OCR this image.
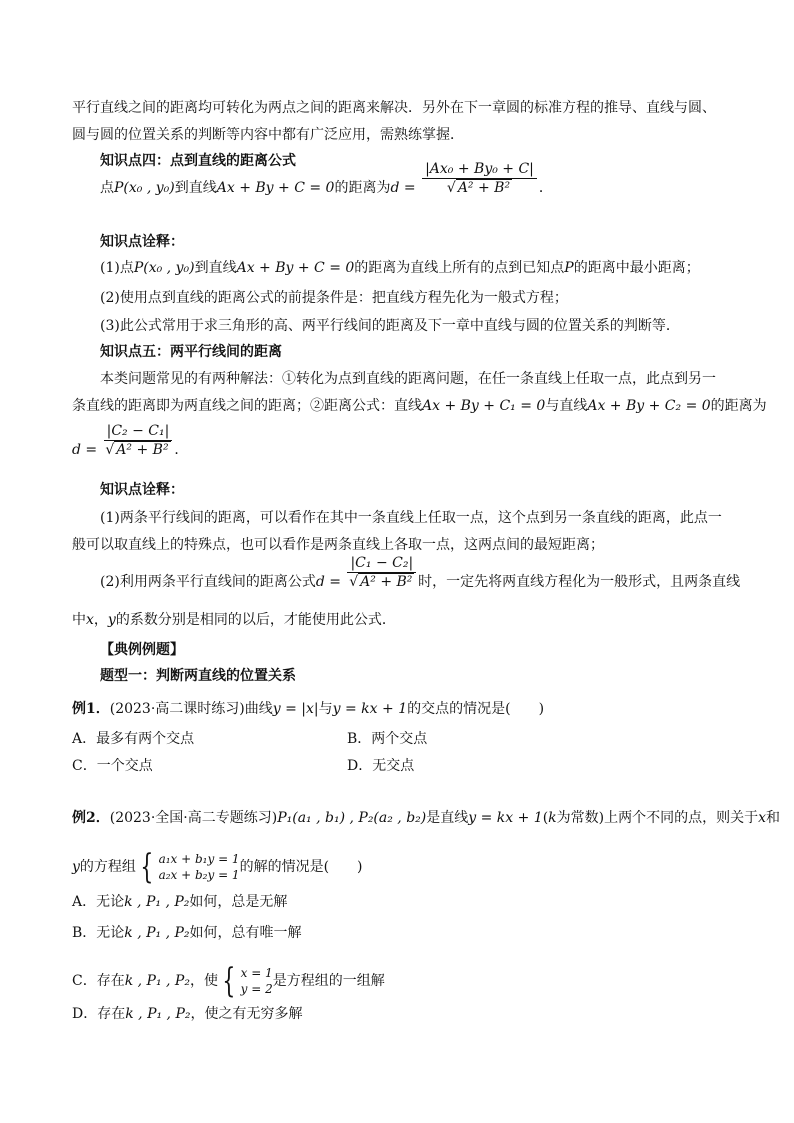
平行直线之间的距离均可转化为两点之间的距离来解决．另外在下一章圆的标准方程的推导、直线与圆、
圆与圆的位置关系的判断等内容中都有广泛应用，需熟练掌握．
知识点四：点到直线的距离公式
点P(x₀ , y₀)到直线Ax + By + C = 0的距离为$d = \frac{\text{|Ax₀ + By₀ + C|}}{\text{√ A² + B²}}$ ．
知识点诠释：
(1)点P(x₀ , y₀)到直线Ax + By + C = 0的距离为直线上所有的点到已知点P的距离中最小距离；
(2)使用点到直线的距离公式的前提条件是：把直线方程先化为一般式方程；
(3)此公式常用于求三角形的高、两平行线间的距离及下一章中直线与圆的位置关系的判断等．
知识点五：两平行线间的距离
本类问题常见的有两种解法：①转化为点到直线的距离问题，在任一条直线上任取一点，此点到另一
条直线的距离即为两直线之间的距离；②距离公式：直线Ax + By + C₁ = 0与直线Ax + By + C₂ = 0的距离为
$d = \frac{\text{|C₂ − C₁|}}{\text{√ A² + B²}}$ ．
知识点诠释：
(1)两条平行线间的距离，可以看作在其中一条直线上任取一点，这个点到另一条直线的距离，此点一
般可以取直线上的特殊点，也可以看作是两条直线上各取一点，这两点间的最短距离；
(2)利用两条平行直线间的距离公式$d = \frac{\text{|C₁ − C₂|}}{\text{√ A² + B²}}$ 时，一定先将两直线方程化为一般形式，且两条直线
中x，y的系数分别是相同的以后，才能使用此公式．
【典例例题】
题型一：判断两直线的位置关系
例1．(2023·高二课时练习)曲线y = |x|与y = kx + 1的交点的情况是(　　)
A．最多有两个交点	B．两个交点
C．一个交点	D．无交点
例2．(2023·全国·高二专题练习)P₁(a₁ , b₁) , P₂(a₂ , b₂)是直线y = kx + 1(k为常数)上两个不同的点，则关于x和
y的方程组 { a₁x + b₁y = 1
a₂x + b₂y = 1 的解的情况是(　　)
A．无论k , P₁ , P₂如何，总是无解
B．无论k , P₁ , P₂如何，总有唯一解
C．存在k , P₁ , P₂，使 { x = 1
y = 2 是方程组的一组解
D．存在k , P₁ , P₂，使之有无穷多解
